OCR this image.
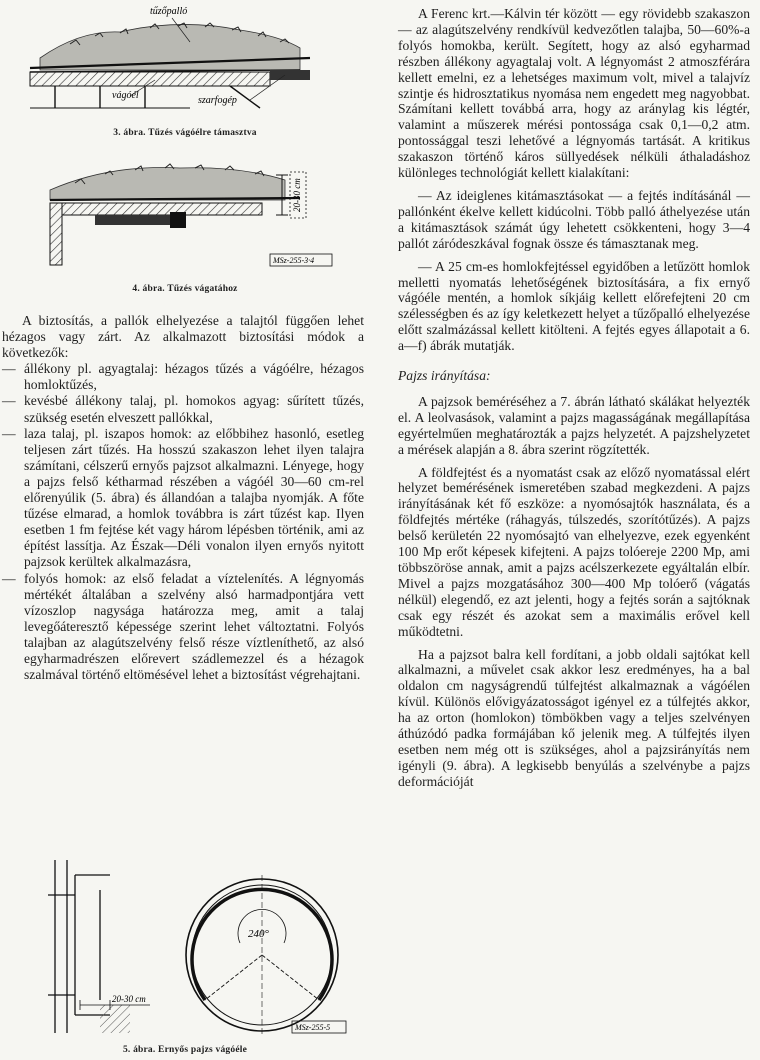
tűzőpalló
vágóél	szarfogép
3. ábra. Tűzés vágóélre támasztva
20-30 cm
MSz-255-3·4
4. ábra. Tűzés vágatához

A biztosítás, a pallók elhelyezése a talajtól függően lehet hézagos vagy zárt. Az alkalmazott biztosítási módok a következők:

— állékony pl. agyagtalaj: hézagos tűzés a vágóélre, hézagos homloktűzés,
— kevésbé állékony talaj, pl. homokos agyag: sűrített tűzés, szükség esetén elveszett pallókkal,
— laza talaj, pl. iszapos homok: az előbbihez hasonló, esetleg teljesen zárt tűzés. Ha hosszú szakaszon lehet ilyen talajra számítani, célszerű ernyős pajzsot alkalmazni. Lényege, hogy a pajzs felső kétharmad részében a vágóél 30—60 cm-rel előrenyúlik (5. ábra) és állandóan a talajba nyomják. A főte tűzése elmarad, a homlok továbbra is zárt tűzést kap. Ilyen esetben 1 fm fejtése két vagy három lépésben történik, ami az építést lassítja. Az Észak—Déli vonalon ilyen ernyős nyitott pajzsok kerültek alkalmazásra,
— folyós homok: az első feladat a víztelenítés. A légnyomás mértékét általában a szelvény alsó harmadpontjára vett vízoszlop nagysága határozza meg, amit a talaj levegőáteresztő képessége szerint lehet változtatni. Folyós talajban az alagútszelvény felső része víztleníthető, az alsó egyharmadrészen előrevert szádlemezzel és a hézagok szalmával történő eltömésével lehet a biztosítást végrehajtani.
240°
20-30 cm
MSz-255-5
5. ábra. Ernyős pajzs vágóéle

A Ferenc krt.—Kálvin tér között — egy rövidebb szakaszon — az alagútszelvény rendkívül kedvezőtlen talajba, 50—60%-a folyós homokba, került. Segített, hogy az alsó egyharmad részben állékony agyagtalaj volt. A légnyomást 2 atmoszférára kellett emelni, ez a lehetséges maximum volt, mivel a talajvíz szintje és hidrosztatikus nyomása nem engedett meg nagyobbat. Számítani kellett továbbá arra, hogy az aránylag kis légtér, valamint a műszerek mérési pontossága csak 0,1—0,2 atm. pontossággal teszi lehetővé a légnyomás tartását. A kritikus szakaszon történő káros süllyedések nélküli áthaladáshoz különleges technológiát kellett kialakítani:

— Az ideiglenes kitámasztásokat — a fejtés indításánál — pallónként ékelve kellett kidúcolni. Több palló áthelyezése után a kitámasztások számát úgy lehetett csökkenteni, hogy 3—4 pallót záródeszkával fognak össze és támasztanak meg.

— A 25 cm-es homlokfejtéssel egyidőben a letűzött homlok melletti nyomatás lehetőségének biztosítására, a fix ernyő vágóéle mentén, a homlok síkjáig kellett előrefejteni 20 cm szélességben és az így keletkezett helyet a tűzőpalló elhelyezése előtt szalmázással kellett kitölteni. A fejtés egyes állapotait a 6. a—f) ábrák mutatják.

Pajzs irányítása:

A pajzsok beméréséhez a 7. ábrán látható skálákat helyezték el. A leolvasások, valamint a pajzs magasságának megállapítása egyértelműen meghatározták a pajzs helyzetét. A pajzshelyzetet a mérések alapján a 8. ábra szerint rögzítették.

A földfejtést és a nyomatást csak az előző nyomatással elért helyzet bemérésének ismeretében szabad megkezdeni. A pajzs irányításának két fő eszköze: a nyomósajtók használata, és a földfejtés mértéke (ráhagyás, túlszedés, szorítótűzés). A pajzs belső kerületén 22 nyomósajtó van elhelyezve, ezek egyenként 100 Mp erőt képesek kifejteni. A pajzs tolóereje 2200 Mp, ami többszöröse annak, amit a pajzs acélszerkezete egyáltalán elbír. Mivel a pajzs mozgatásához 300—400 Mp tolóerő (vágatás nélkül) elegendő, ez azt jelenti, hogy a fejtés során a sajtóknak csak egy részét és azokat sem a maximális erővel kell működtetni.

Ha a pajzsot balra kell fordítani, a jobb oldali sajtókat kell alkalmazni, a művelet csak akkor lesz eredményes, ha a bal oldalon cm nagyságrendű túlfejtést alkalmaznak a vágóélen kívül. Különös elővigyázatosságot igényel ez a túlfejtés akkor, ha az orton (homlokon) tömbökben vagy a teljes szelvényen áthúzódó padka formájában kő jelenik meg. A túlfejtés ilyen esetben nem még ott is szükséges, ahol a pajzsirányítás nem igényli (9. ábra). A legkisebb benyúlás a szelvénybe a pajzs deformációját
